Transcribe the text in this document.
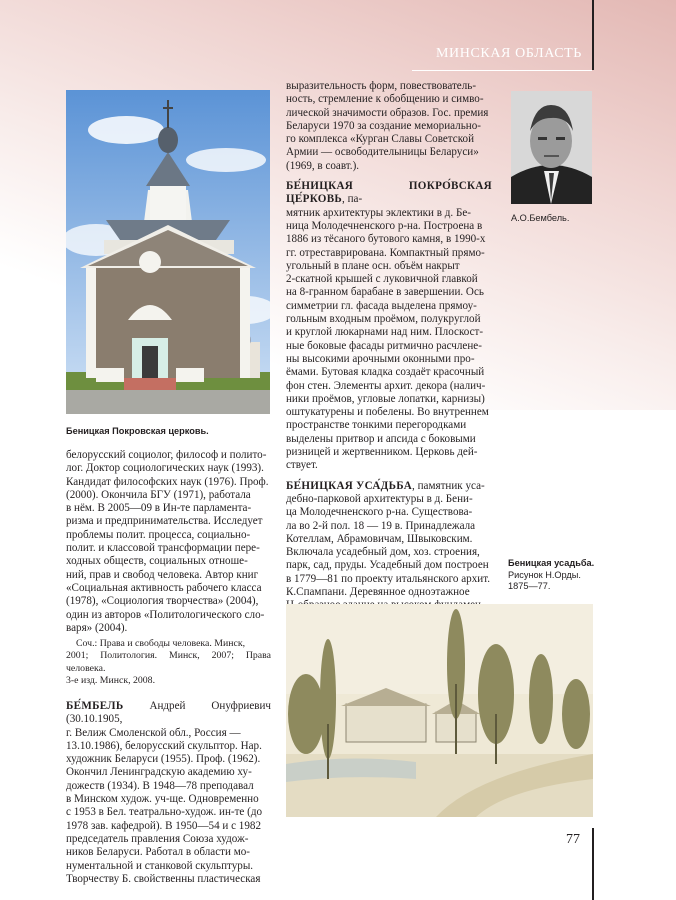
МИНСКАЯ ОБЛАСТЬ
Беницкая Покровская церковь.
А.О.Бембель.
белорусский социолог, философ и полито-
лог. Доктор социологических наук (1993).
Кандидат философских наук (1976). Проф.
(2000). Окончила БГУ (1971), работала
в нём. В 2005—09 в Ин-те парламента-
ризма и предпринимательства. Исследует
проблемы полит. процесса, социально-
полит. и классовой трансформации пере-
ходных обществ, социальных отноше-
ний, прав и свобод человека. Автор книг
«Социальная активность рабочего класса
(1978), «Социология творчества» (2004),
один из авторов «Политологического сло-
варя» (2004).
Соч.: Права и свободы человека. Минск,
2001; Политология. Минск, 2007; Права человека.
3-е изд. Минск, 2008.
БЕ́МБЕЛЬ Андрей Онуфриевич (30.10.1905,
г. Велиж Смоленской обл., Россия —
13.10.1986), белорусский скульптор. Нар.
художник Беларуси (1955). Проф. (1962).
Окончил Ленинградскую академию ху-
дожеств (1934). В 1948—78 преподавал
в Минском худож. уч-ще. Одновременно
с 1953 в Бел. театрально-худож. ин-те (до
1978 зав. кафедрой). В 1950—54 и с 1982
председатель правления Союза худож-
ников Беларуси. Работал в области мо-
нументальной и станковой скульптуры.
Творчеству Б. свойственны пластическая
выразительность форм, повествователь-
ность, стремление к обобщению и симво-
лической значимости образов. Гос. премия
Беларуси 1970 за создание мемориально-
го комплекса «Курган Славы Советской
Армии — освободителыницы Беларуси»
(1969, в соавт.).
БЕ́НИЦКАЯ ПОКРО́ВСКАЯ ЦЕ́РКОВЬ, па-
мятник архитектуры эклектики в д. Бе-
ница Молодечненского р-на. Построена в
1886 из тёсаного бутового камня, в 1990-х
гг. отреставрирована. Компактный прямо-
угольный в плане осн. объём накрыт
2-скатной крышей с луковичной главкой
на 8-гранном барабане в завершении. Ось
симметрии гл. фасада выделена прямоу-
гольным входным проёмом, полукруглой
и круглой люкарнами над ним. Плоскост-
ные боковые фасады ритмично расчлене-
ны высокими арочными оконными про-
ёмами. Бутовая кладка создаёт красочный
фон стен. Элементы архит. декора (налич-
ники проёмов, угловые лопатки, карнизы)
оштукатурены и побелены. Во внутреннем
пространстве тонкими перегородками
выделены притвор и апсида с боковыми
ризницей и жертвенником. Церковь дей-
ствует.
БЕ́НИЦКАЯ УСА́ДЬБА, памятник уса-
дебно-парковой архитектуры в д. Бени-
ца Молодечненского р-на. Существова-
ла во 2-й пол. 18 — 19 в. Принадлежала
Котеллам, Абрамовичам, Швыковским.
Включала усадебный дом, хоз. строения,
парк, сад, пруды. Усадебный дом построен
в 1779—81 по проекту итальянского архит.
К.Спампани. Деревянное одноэтажное
Беницкая усадьба.
Рисунок Н.Орды.
1875—77.
77
